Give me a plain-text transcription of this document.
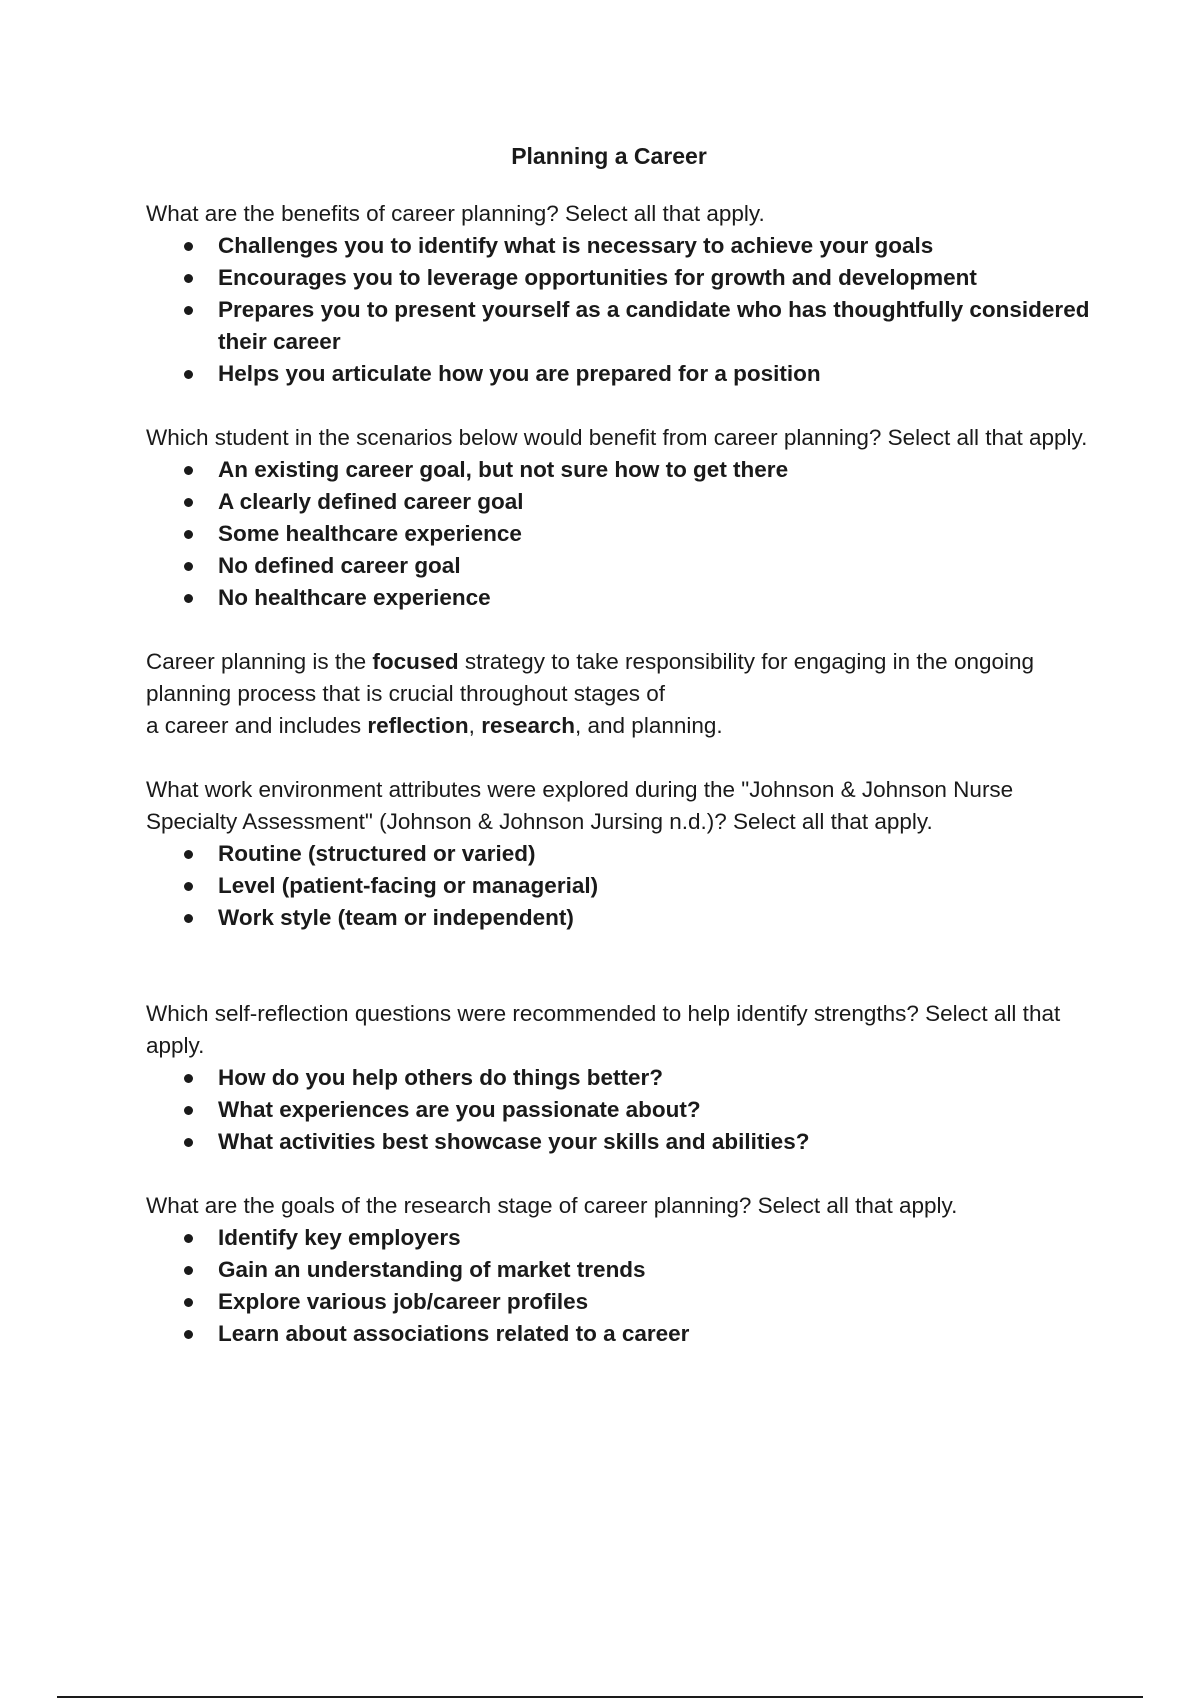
Planning a Career

What are the benefits of career planning? Select all that apply.

Challenges you to identify what is necessary to achieve your goals
Encourages you to leverage opportunities for growth and development
Prepares you to present yourself as a candidate who has thoughtfully considered their career
Helps you articulate how you are prepared for a position

Which student in the scenarios below would benefit from career planning? Select all that apply.

An existing career goal, but not sure how to get there
A clearly defined career goal
Some healthcare experience
No defined career goal
No healthcare experience

Career planning is the focused strategy to take responsibility for engaging in the ongoing planning process that is crucial throughout stages of

a career and includes reflection, research, and planning.

What work environment attributes were explored during the "Johnson & Johnson Nurse Specialty Assessment" (Johnson & Johnson Jursing n.d.)? Select all that apply.

Routine (structured or varied)
Level (patient-facing or managerial)
Work style (team or independent)

Which self-reflection questions were recommended to help identify strengths? Select all that apply.

How do you help others do things better?
What experiences are you passionate about?
What activities best showcase your skills and abilities?

What are the goals of the research stage of career planning? Select all that apply.

Identify key employers
Gain an understanding of market trends
Explore various job/career profiles
Learn about associations related to a career
